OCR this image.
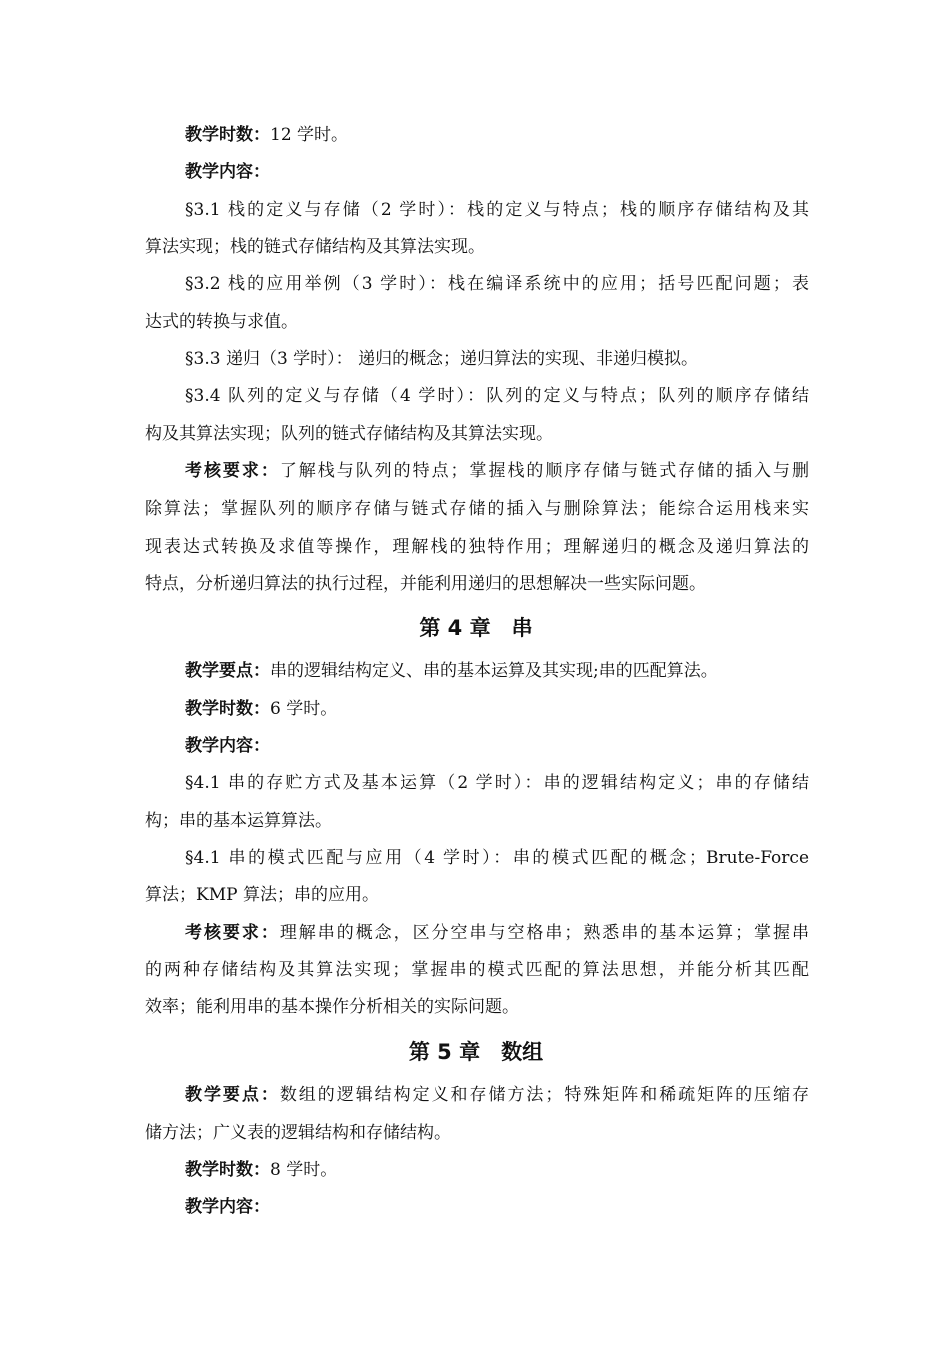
教学时数：12 学时。
教学内容：
§3.1 栈的定义与存储（2 学时）：栈的定义与特点；栈的顺序存储结构及其
算法实现；栈的链式存储结构及其算法实现。
§3.2 栈的应用举例（3 学时）：栈在编译系统中的应用；括号匹配问题；表
达式的转换与求值。
§3.3 递归（3 学时）： 递归的概念；递归算法的实现、非递归模拟。
§3.4 队列的定义与存储（4 学时）：队列的定义与特点；队列的顺序存储结
构及其算法实现；队列的链式存储结构及其算法实现。
考核要求：了解栈与队列的特点；掌握栈的顺序存储与链式存储的插入与删
除算法；掌握队列的顺序存储与链式存储的插入与删除算法；能综合运用栈来实
现表达式转换及求值等操作，理解栈的独特作用；理解递归的概念及递归算法的
特点，分析递归算法的执行过程，并能利用递归的思想解决一些实际问题。
第 4 章　串
教学要点：串的逻辑结构定义、串的基本运算及其实现;串的匹配算法。
教学时数：6 学时。
教学内容：
§4.1 串的存贮方式及基本运算（2 学时）：串的逻辑结构定义；串的存储结
构；串的基本运算算法。
§4.1 串的模式匹配与应用（4 学时）：串的模式匹配的概念；Brute-Force
算法；KMP 算法；串的应用。
考核要求：理解串的概念，区分空串与空格串；熟悉串的基本运算；掌握串
的两种存储结构及其算法实现；掌握串的模式匹配的算法思想，并能分析其匹配
效率；能利用串的基本操作分析相关的实际问题。
第 5 章　数组
教学要点：数组的逻辑结构定义和存储方法；特殊矩阵和稀疏矩阵的压缩存
储方法；广义表的逻辑结构和存储结构。
教学时数：8 学时。
教学内容：
